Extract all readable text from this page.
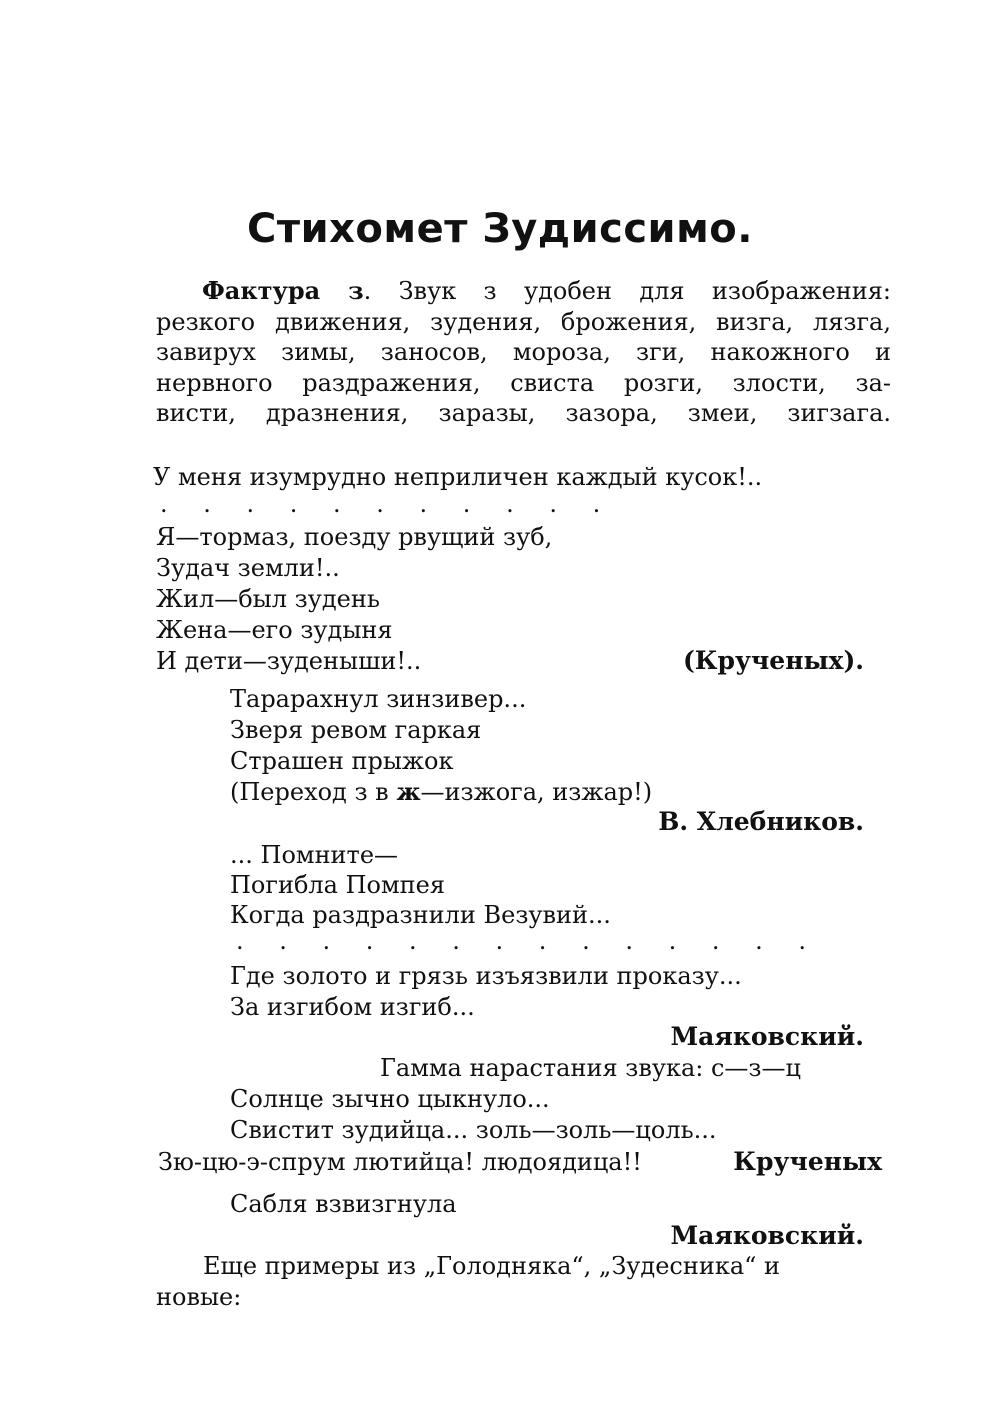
Стихомет Зудиссимо.
Фактура з. Звук з удобен для изображения:
резкого движения, зудения, брожения, визга, лязга,
завирух зимы, заносов, мороза, зги, накожного и
нервного раздражения, свиста розги, злости, за-
висти, дразнения, заразы, зазора, змеи, зигзага.
У меня изумрудно неприличен каждый кусок!..
. . . . . . . . . . .
Я—тормаз, поезду рвущий зуб,
Зудач земли!..
Жил—был зудень
Жена—его зудыня
И дети—зуденыши!..	(Крученых).
Тарарахнул зинзивер...
Зверя ревом гаркая
Страшен прыжок
(Переход з в ж—изжога, изжар!)
В. Хлебников.
... Помните—
Погибла Помпея
Когда раздразнили Везувий...
. . . . . . . . . . . . . .
Где золото и грязь изъязвили проказу...
За изгибом изгиб...
Маяковский.
Гамма нарастания звука: с—з—ц
Солнце зычно цыкнуло...
Свистит зудийца... золь—золь—цоль...
Зю-цю-э-спрум лютийца! людоядица!!	Крученых
Сабля взвизгнула
Маяковский.
Еще примеры из „Голодняка“, „Зудесника“ и
новые:
